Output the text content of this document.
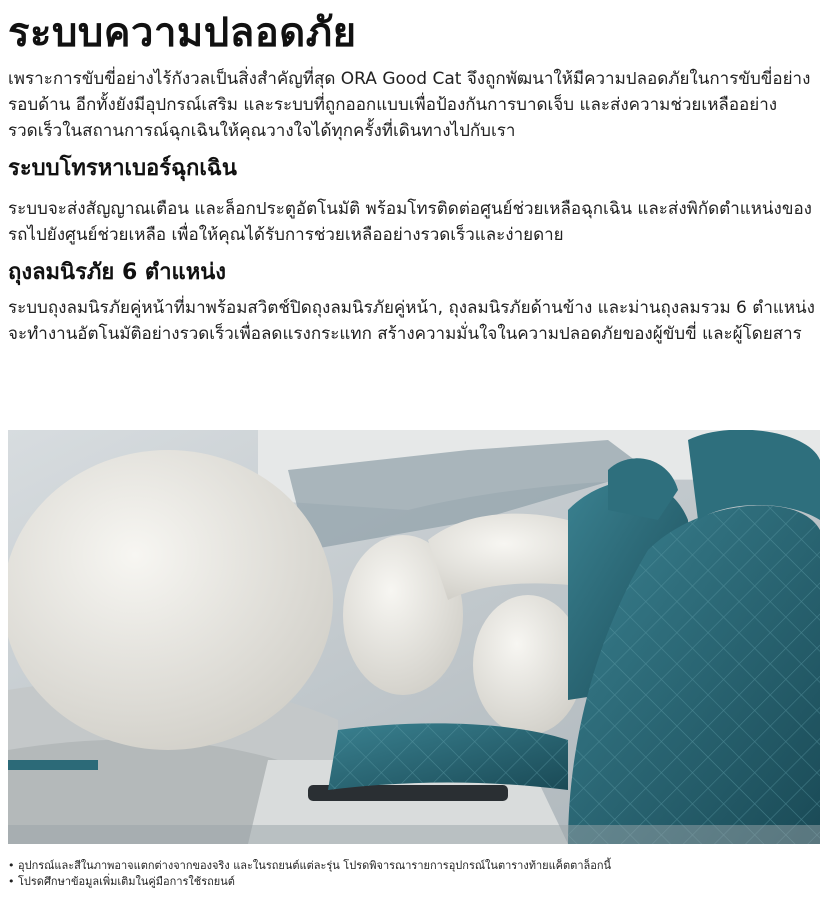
ระบบความปลอดภัย

เพราะการขับขี่อย่างไร้กังวลเป็นสิ่งสำคัญที่สุด ORA Good Cat จึงถูกพัฒนาให้มีความปลอดภัยในการขับขี่อย่างรอบด้าน อีกทั้งยังมีอุปกรณ์เสริม และระบบที่ถูกออกแบบเพื่อป้องกันการบาดเจ็บ และส่งความช่วยเหลืออย่างรวดเร็วในสถานการณ์ฉุกเฉินให้คุณวางใจได้ทุกครั้งที่เดินทางไปกับเรา

ระบบโทรหาเบอร์ฉุกเฉิน

ระบบจะส่งสัญญาณเตือน และล็อกประตูอัตโนมัติ พร้อมโทรติดต่อศูนย์ช่วยเหลือฉุกเฉิน และส่งพิกัดตำแหน่งของรถไปยังศูนย์ช่วยเหลือ เพื่อให้คุณได้รับการช่วยเหลืออย่างรวดเร็วและง่ายดาย

ถุงลมนิรภัย 6 ตำแหน่ง

ระบบถุงลมนิรภัยคู่หน้าที่มาพร้อมสวิตช์ปิดถุงลมนิรภัยคู่หน้า, ถุงลมนิรภัยด้านข้าง และม่านถุงลมรวม 6 ตำแหน่ง จะทำงานอัตโนมัติอย่างรวดเร็วเพื่อลดแรงกระแทก สร้างความมั่นใจในความปลอดภัยของผู้ขับขี่ และผู้โดยสาร

• อุปกรณ์และสีในภาพอาจแตกต่างจากของจริง และในรถยนต์แต่ละรุ่น โปรดพิจารณารายการอุปกรณ์ในตารางท้ายแค็ตตาล็อกนี้
• โปรดศึกษาข้อมูลเพิ่มเติมในคู่มือการใช้รถยนต์
